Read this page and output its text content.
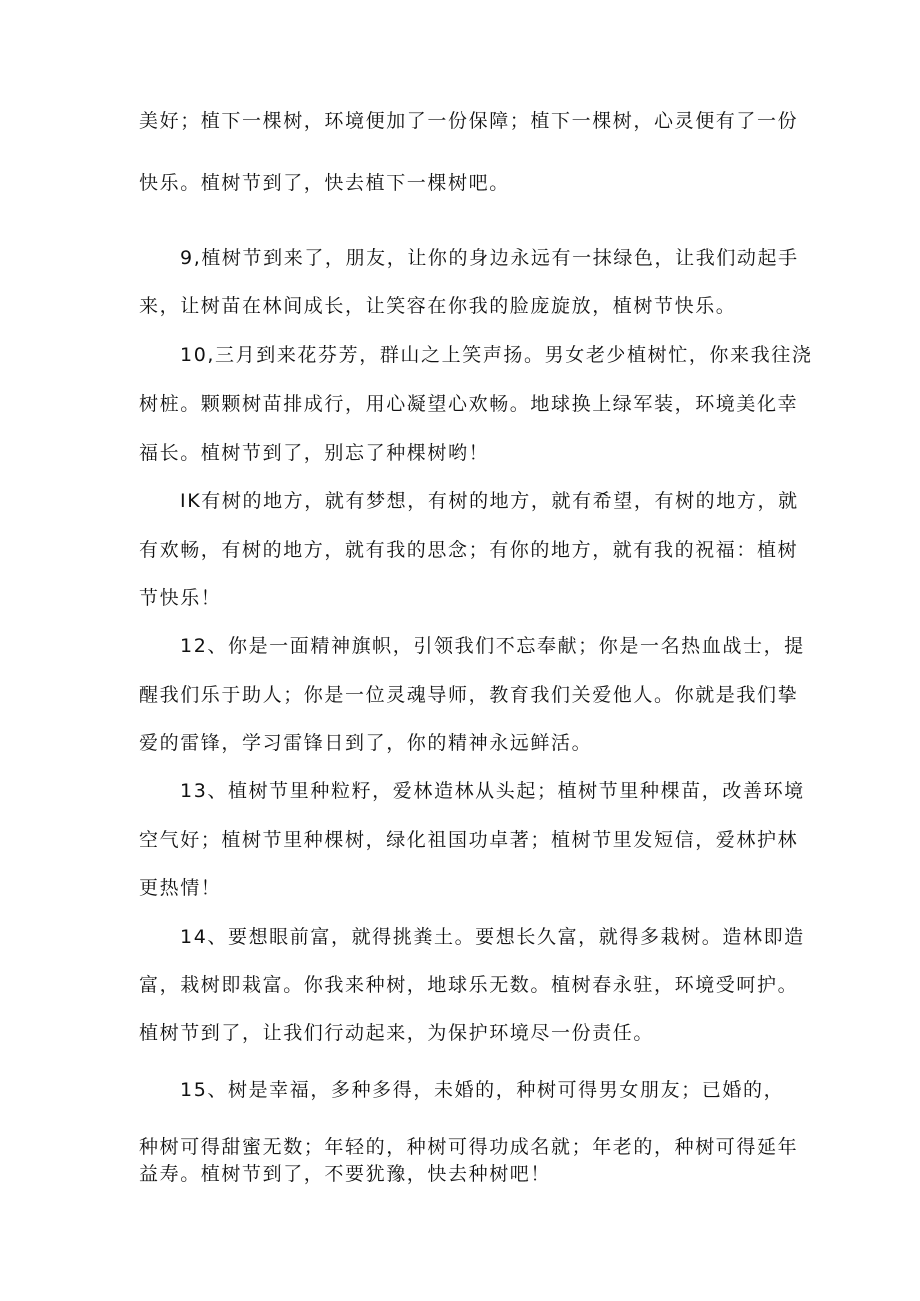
美好；植下一棵树，环境便加了一份保障；植下一棵树，心灵便有了一份
快乐。植树节到了，快去植下一棵树吧。
9,植树节到来了，朋友，让你的身边永远有一抹绿色，让我们动起手
来，让树苗在林间成长，让笑容在你我的脸庞旋放，植树节快乐。
10,三月到来花芬芳，群山之上笑声扬。男女老少植树忙，你来我往浇
树桩。颗颗树苗排成行，用心凝望心欢畅。地球换上绿军装，环境美化幸
福长。植树节到了，别忘了种棵树哟！
IK有树的地方，就有梦想，有树的地方，就有希望，有树的地方，就
有欢畅，有树的地方，就有我的思念；有你的地方，就有我的祝福：植树
节快乐！
12、你是一面精神旗帜，引领我们不忘奉献；你是一名热血战士，提
醒我们乐于助人；你是一位灵魂导师，教育我们关爱他人。你就是我们挚
爱的雷锋，学习雷锋日到了，你的精神永远鲜活。
13、植树节里种粒籽，爱林造林从头起；植树节里种棵苗，改善环境
空气好；植树节里种棵树，绿化祖国功卓著；植树节里发短信，爱林护林
更热情！
14、要想眼前富，就得挑粪土。要想长久富，就得多栽树。造林即造
富，栽树即栽富。你我来种树，地球乐无数。植树春永驻，环境受呵护。
植树节到了，让我们行动起来，为保护环境尽一份责任。
15、树是幸福，多种多得，未婚的，种树可得男女朋友；已婚的，
种树可得甜蜜无数；年轻的，种树可得功成名就；年老的，种树可得延年
益寿。植树节到了，不要犹豫，快去种树吧！
